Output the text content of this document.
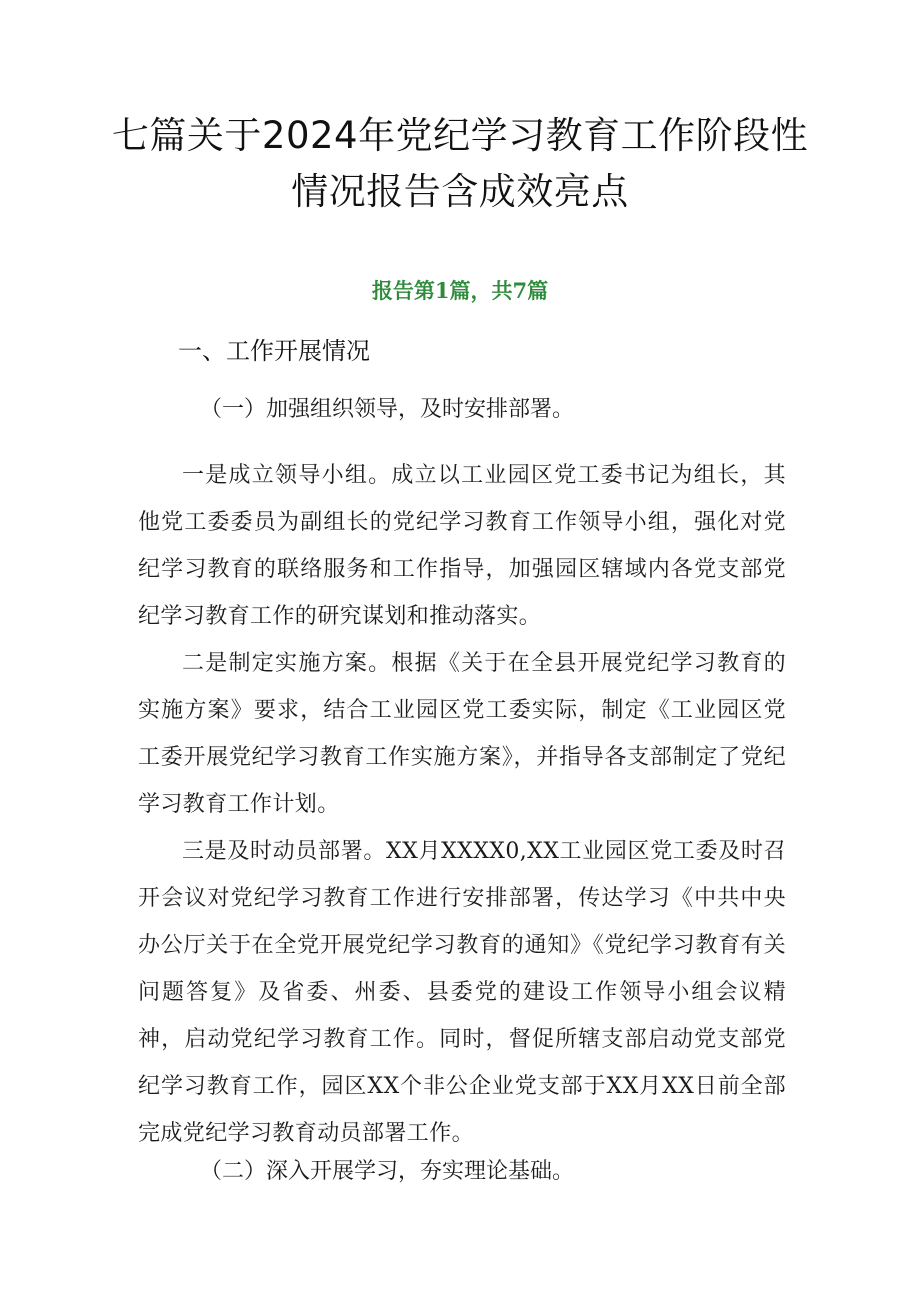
七篇关于2024年党纪学习教育工作阶段性情况报告含成效亮点
报告第1篇，共7篇
一、工作开展情况
（一）加强组织领导，及时安排部署。

一是成立领导小组。成立以工业园区党工委书记为组长，其他党工委委员为副组长的党纪学习教育工作领导小组，强化对党纪学习教育的联络服务和工作指导，加强园区辖域内各党支部党纪学习教育工作的研究谋划和推动落实。

二是制定实施方案。根据《关于在全县开展党纪学习教育的实施方案》要求，结合工业园区党工委实际，制定《工业园区党工委开展党纪学习教育工作实施方案》，并指导各支部制定了党纪学习教育工作计划。

三是及时动员部署。XX月XXXX0,XX工业园区党工委及时召开会议对党纪学习教育工作进行安排部署，传达学习《中共中央办公厅关于在全党开展党纪学习教育的通知》《党纪学习教育有关问题答复》及省委、州委、县委党的建设工作领导小组会议精神，启动党纪学习教育工作。同时，督促所辖支部启动党支部党纪学习教育工作，园区XX个非公企业党支部于XX月XX日前全部完成党纪学习教育动员部署工作。

（二）深入开展学习，夯实理论基础。
